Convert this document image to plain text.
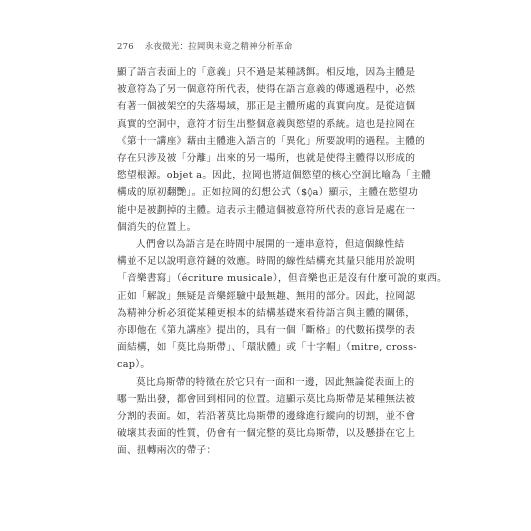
276 永夜微光：拉岡與未竟之精神分析革命

顯了語言表面上的「意義」只不過是某種誘餌。相反地，因為主體是
被意符為了另一個意符所代表，使得在語言意義的傳遞過程中，必然
有著一個被架空的失落場域，那正是主體所處的真實向度。是從這個
真實的空洞中，意符才衍生出整個意義與慾望的系統。這也是拉岡在
《第十一講座》藉由主體進入語言的「異化」所要說明的過程。主體的
存在只涉及被「分離」出來的另一場所，也就是使得主體得以形成的
慾望根源。objet a。因此，拉岡也將這個慾望的核心空洞比喻為「主體
構成的原初翻艷」。正如拉岡的幻想公式（$◊a）顯示，主體在慾望功
能中是被劃掉的主體。這表示主體這個被意符所代表的意旨是處在一
個消失的位置上。

人們會以為語言是在時間中展開的一連串意符，但這個線性結
構並不足以說明意符鏈的效應。時間的線性結構充其量只能用於說明
「音樂書寫」（écriture musicale），但音樂也正是沒有什麼可說的東西。
正如「解說」無疑是音樂經驗中最無趣、無用的部分。因此，拉岡認
為精神分析必須從某種更根本的結構基礎來看待語言與主體的關係，
亦即他在《第九講座》提出的，具有一個「斷格」的代數拓撲學的表
面結構，如「莫比烏斯帶」、「環狀體」或「十字帽」（mitre, cross-
cap）。

莫比烏斯帶的特徵在於它只有一面和一邊，因此無論從表面上的
哪一點出發，都會回到相同的位置。這顯示莫比烏斯帶是某種無法被
分割的表面。如，若沿著莫比烏斯帶的邊緣進行縱向的切割，並不會
破壞其表面的性質，仍會有一個完整的莫比烏斯帶，以及懸掛在它上
面、扭轉兩次的帶子：
